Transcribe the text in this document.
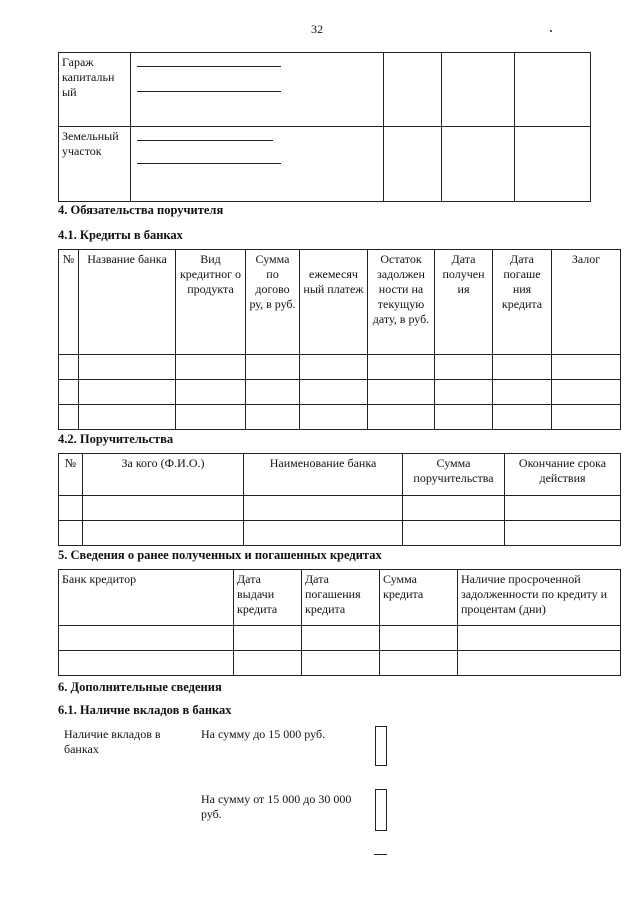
32
Гараж капитальн ый	

Земельный участок	

4. Обязательства поручителя
4.1. Кредиты в банках
№	Название банка	Вид кредитног о продукта	Сумма по догово ру, в руб.	ежемесяч ный платеж	Остаток задолжен ности на текущую дату, в руб.	Дата получен ия	Дата погаше ния кредита	Залог

4.2. Поручительства
№	За кого (Ф.И.О.)	Наименование банка	Сумма поручительства	Окончание срока действия

5. Сведения о ранее полученных и погашенных кредитах
Банк кредитор	Дата выдачи кредита	Дата погашения кредита	Сумма кредита	Наличие просроченной задолженности по кредиту и процентам (дни)

6. Дополнительные сведения
6.1. Наличие вкладов в банках
Наличие вкладов в банках
На сумму до 15 000 руб.
На сумму от 15 000 до 30 000 руб.
